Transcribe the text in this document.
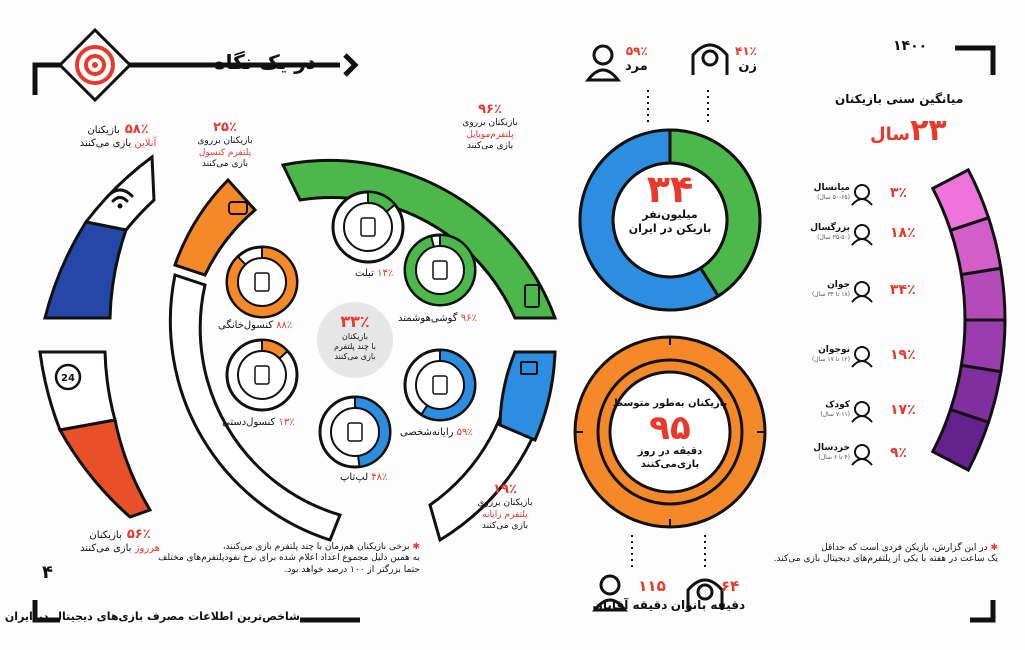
24
در یک نگاه
۱۴۰۰
۴
شاخص‌ترین اطلاعات مصرف بازی‌های دیجیتال در ایران
۵۸٪ بازیکنان
آنلاین بازی می‌کنند
۵۶٪ بازیکنان
هرروز بازی می‌کنند
۹۶٪
بازیکنان برروی
پلتفرم‌موبایل
بازی می‌کنند
۲۵٪
بازیکنان برروی
پلتفرم کنسول
بازی می‌کنند
۱۹٪
بازیکنان برروی
پلتفرم رایانه
بازی می‌کنند
۳۳٪
بازیکنان
با چند پلتفرم
بازی می‌کنند
۱۴٪ تبلت
۹۶٪ گوشی‌هوشمند
۸۸٪ کنسول‌خانگی
۱۳٪ کنسول‌دستی
۵۹٪ رایانه‌شخصی
۴۸٪ لپ‌تاپ
✱ برخی بازیکنان هم‌زمان با چند پلتفرم بازی می‌کنند،
به همین دلیل مجموع اعداد اعلام شده برای نرخ نفوذپلتفرم‌های مختلف
حتما بزرگتر از ۱۰۰ درصد خواهد بود.
۵۹٪
مرد
۴۱٪
زن
۳۴
میلیون‌نفر
بازیکن در ایران
بازیکنان به‌طور متوسط
۹۵
دقیقه در روز
بازی‌می‌کنند
۱۱۵
دقیقه آقایان
۶۴
دقیقه بانوان
میانگین سنی بازیکنان
۲۳سال
میانسال
(۵۰-۶۵ سال)	۳٪
بزرگسال
(۳۵-۵۰ سال)	۱۸٪
جوان
(۱۸ تا ۳۴ سال)	۳۴٪
نوجوان
(۱۲ تا ۱۷ سال)	۱۹٪
کودک
(۷-۱۱ سال)	۱۷٪
خردسال
(۴ تا ۶ سال)	۹٪
✱ در این گزارش، بازیکن فردی است که حداقل
یک ساعت در هفته با یکی از پلتفرم‌های دیجیتال بازی می‌کند.
